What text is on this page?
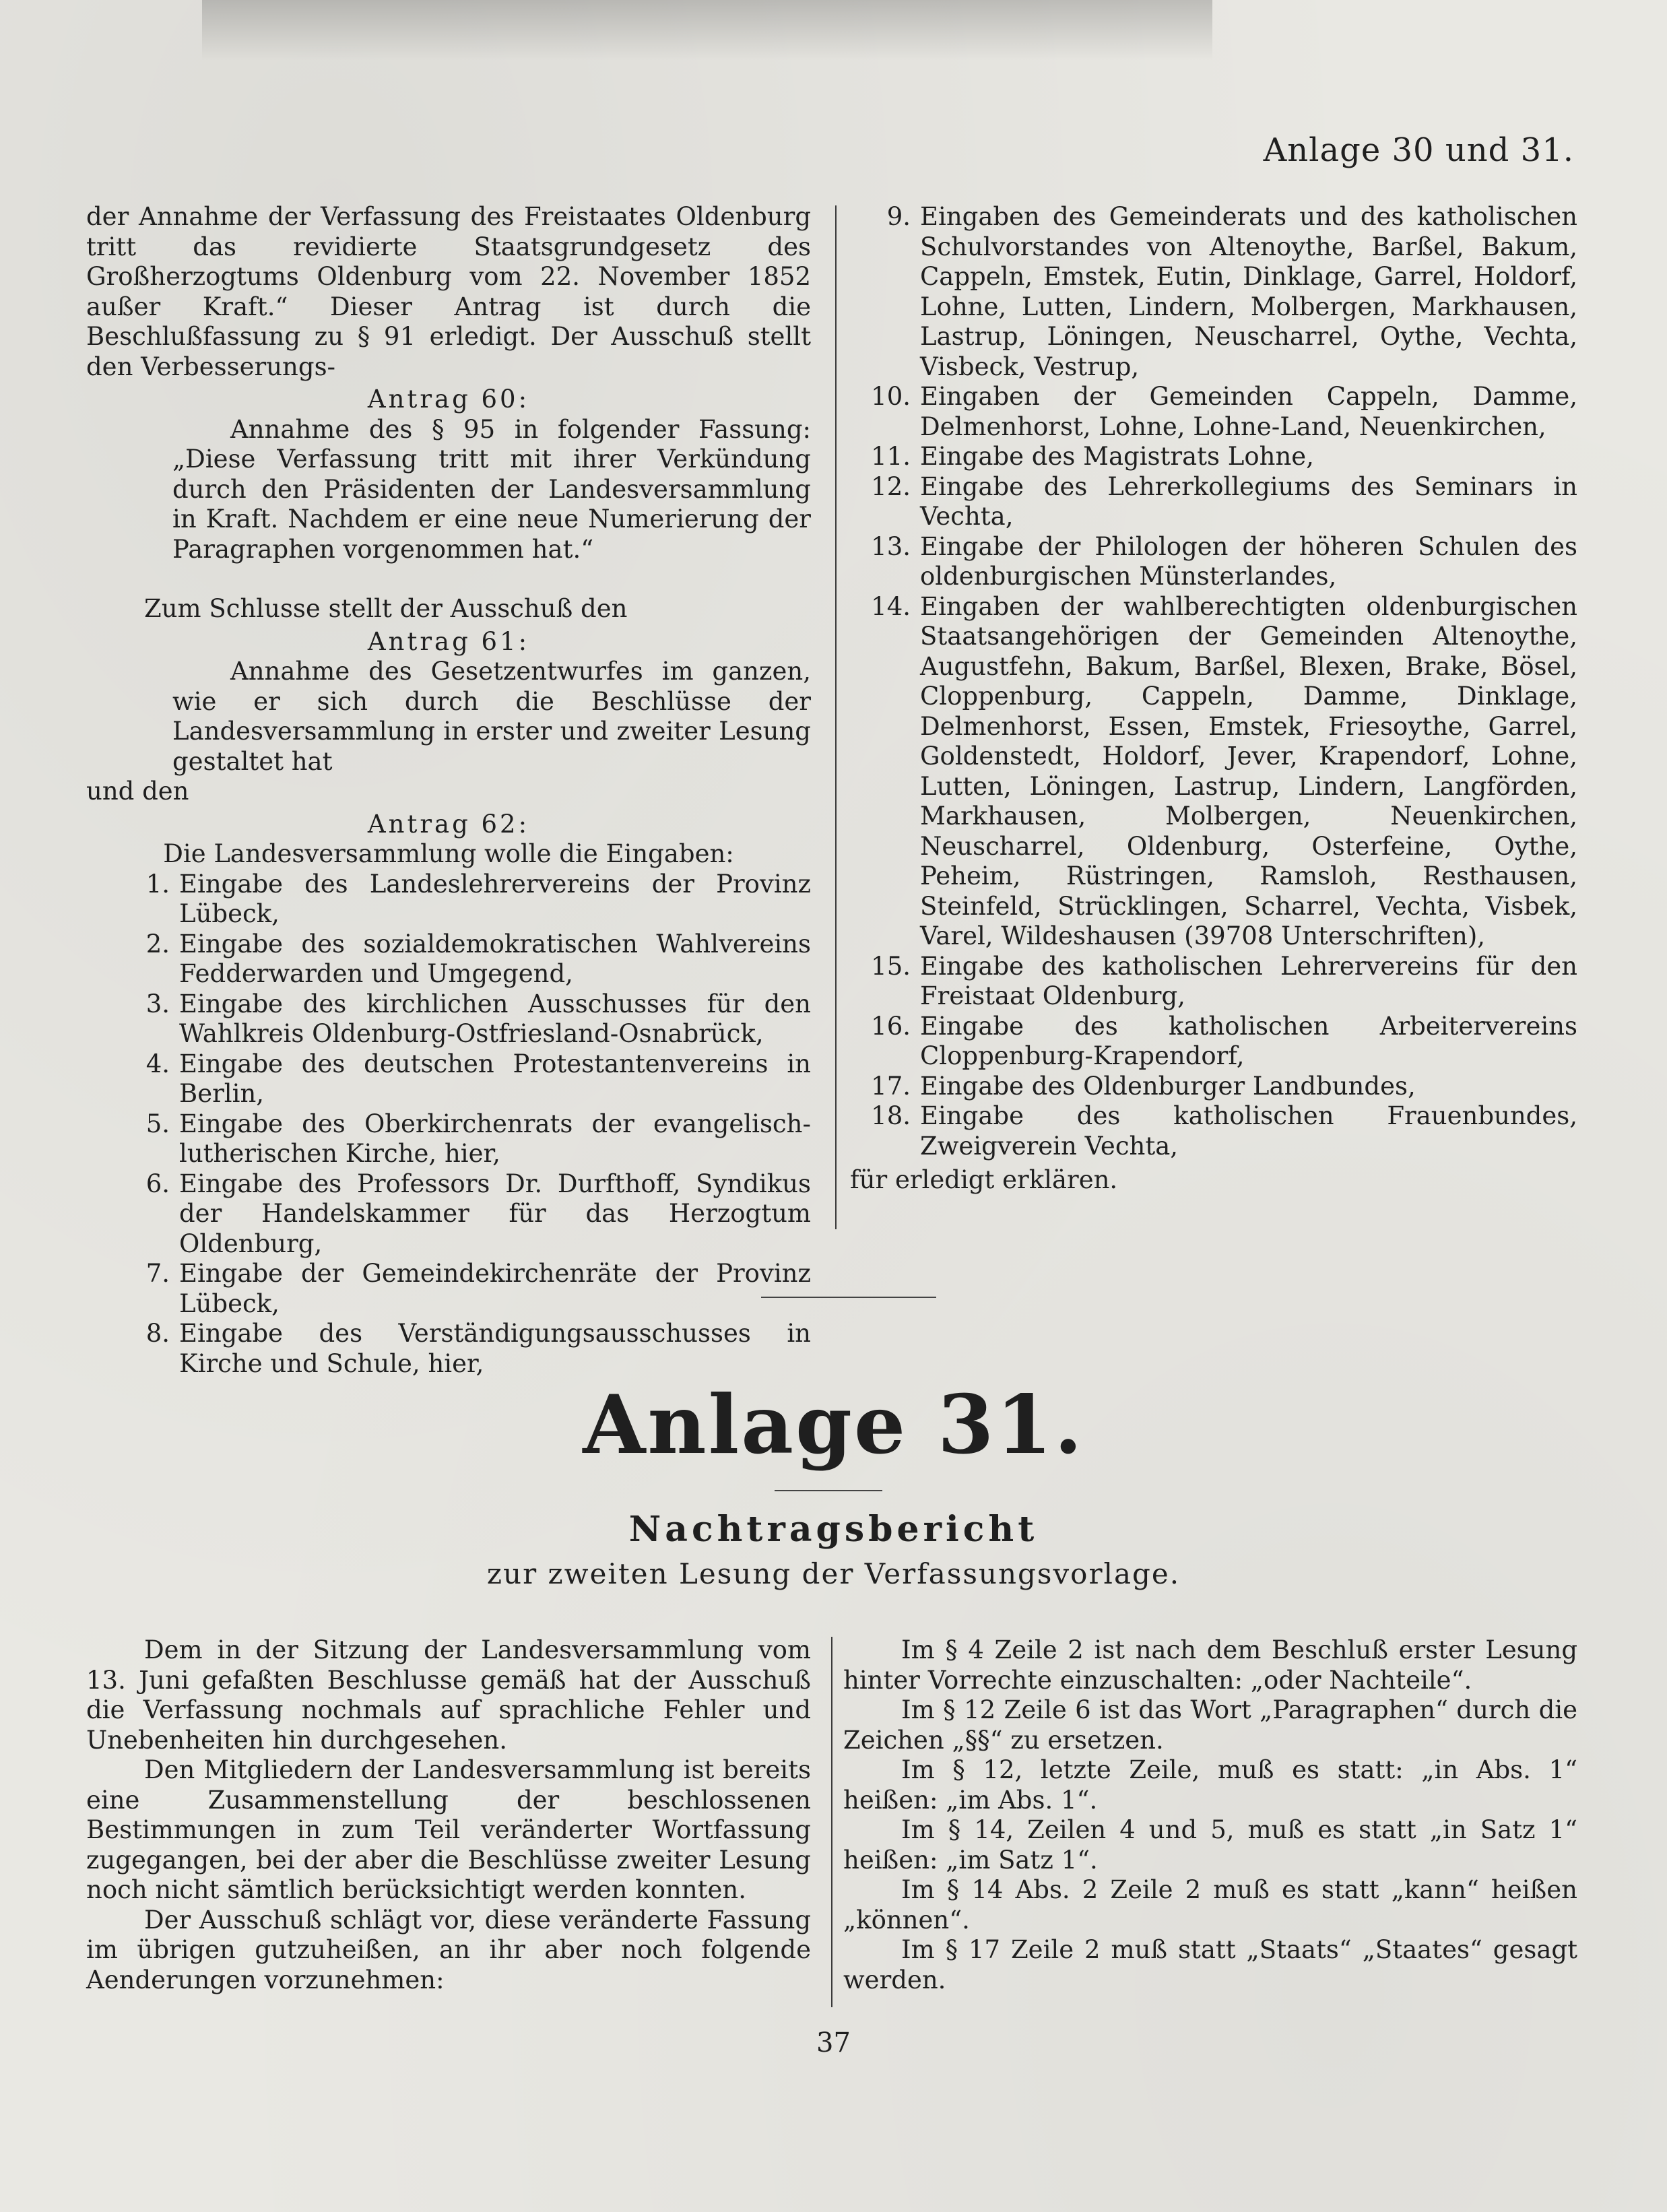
Anlage 30 und 31.

der Annahme der Verfassung des Freistaates Oldenburg tritt das revidierte Staatsgrundgesetz des Großherzogtums Oldenburg vom 22. November 1852 außer Kraft.“ Dieser Antrag ist durch die Beschlußfassung zu § 91 erledigt. Der Ausschuß stellt den Verbesserungs-

Antrag 60:

Annahme des § 95 in folgender Fassung: „Diese Verfassung tritt mit ihrer Verkündung durch den Präsidenten der Landesversammlung in Kraft. Nachdem er eine neue Numerierung der Paragraphen vorgenommen hat.“

Zum Schlusse stellt der Ausschuß den

Antrag 61:

Annahme des Gesetzentwurfes im ganzen, wie er sich durch die Beschlüsse der Landesversammlung in erster und zweiter Lesung gestaltet hat

und den

Antrag 62:

Die Landesversammlung wolle die Eingaben:

1. Eingabe des Landeslehrervereins der Provinz Lübeck,
2. Eingabe des sozialdemokratischen Wahlvereins Fedderwarden und Umgegend,
3. Eingabe des kirchlichen Ausschusses für den Wahlkreis Oldenburg-Ostfriesland-Osnabrück,
4. Eingabe des deutschen Protestantenvereins in Berlin,
5. Eingabe des Oberkirchenrats der evangelisch-lutherischen Kirche, hier,
6. Eingabe des Professors Dr. Durfthoff, Syndikus der Handelskammer für das Herzogtum Oldenburg,
7. Eingabe der Gemeindekirchenräte der Provinz Lübeck,
8. Eingabe des Verständigungsausschusses in Kirche und Schule, hier,
9. Eingaben des Gemeinderats und des katholischen Schulvorstandes von Altenoythe, Barßel, Bakum, Cappeln, Emstek, Eutin, Dinklage, Garrel, Holdorf, Lohne, Lutten, Lindern, Molbergen, Markhausen, Lastrup, Löningen, Neuscharrel, Oythe, Vechta, Visbeck, Vestrup,
10. Eingaben der Gemeinden Cappeln, Damme, Delmenhorst, Lohne, Lohne-Land, Neuenkirchen,
11. Eingabe des Magistrats Lohne,
12. Eingabe des Lehrerkollegiums des Seminars in Vechta,
13. Eingabe der Philologen der höheren Schulen des oldenburgischen Münsterlandes,
14. Eingaben der wahlberechtigten oldenburgischen Staatsangehörigen der Gemeinden Altenoythe, Augustfehn, Bakum, Barßel, Blexen, Brake, Bösel, Cloppenburg, Cappeln, Damme, Dinklage, Delmenhorst, Essen, Emstek, Friesoythe, Garrel, Goldenstedt, Holdorf, Jever, Krapendorf, Lohne, Lutten, Löningen, Lastrup, Lindern, Langförden, Markhausen, Molbergen, Neuenkirchen, Neuscharrel, Oldenburg, Osterfeine, Oythe, Peheim, Rüstringen, Ramsloh, Resthausen, Steinfeld, Strücklingen, Scharrel, Vechta, Visbek, Varel, Wildeshausen (39708 Unterschriften),
15. Eingabe des katholischen Lehrervereins für den Freistaat Oldenburg,
16. Eingabe des katholischen Arbeitervereins Cloppenburg-Krapendorf,
17. Eingabe des Oldenburger Landbundes,
18. Eingabe des katholischen Frauenbundes, Zweigverein Vechta,

für erledigt erklären.

Anlage 31.
Nachtragsbericht
zur zweiten Lesung der Verfassungsvorlage.

Dem in der Sitzung der Landesversammlung vom 13. Juni gefaßten Beschlusse gemäß hat der Ausschuß die Verfassung nochmals auf sprachliche Fehler und Unebenheiten hin durchgesehen.

Den Mitgliedern der Landesversammlung ist bereits eine Zusammenstellung der beschlossenen Bestimmungen in zum Teil veränderter Wortfassung zugegangen, bei der aber die Beschlüsse zweiter Lesung noch nicht sämtlich berücksichtigt werden konnten.

Der Ausschuß schlägt vor, diese veränderte Fassung im übrigen gutzuheißen, an ihr aber noch folgende Aenderungen vorzunehmen:

Im § 4 Zeile 2 ist nach dem Beschluß erster Lesung hinter Vorrechte einzuschalten: „oder Nachteile“.

Im § 12 Zeile 6 ist das Wort „Paragraphen“ durch die Zeichen „§§“ zu ersetzen.

Im § 12, letzte Zeile, muß es statt: „in Abs. 1“ heißen: „im Abs. 1“.

Im § 14, Zeilen 4 und 5, muß es statt „in Satz 1“ heißen: „im Satz 1“.

Im § 14 Abs. 2 Zeile 2 muß es statt „kann“ heißen „können“.

Im § 17 Zeile 2 muß statt „Staats“ „Staates“ gesagt werden.

37
